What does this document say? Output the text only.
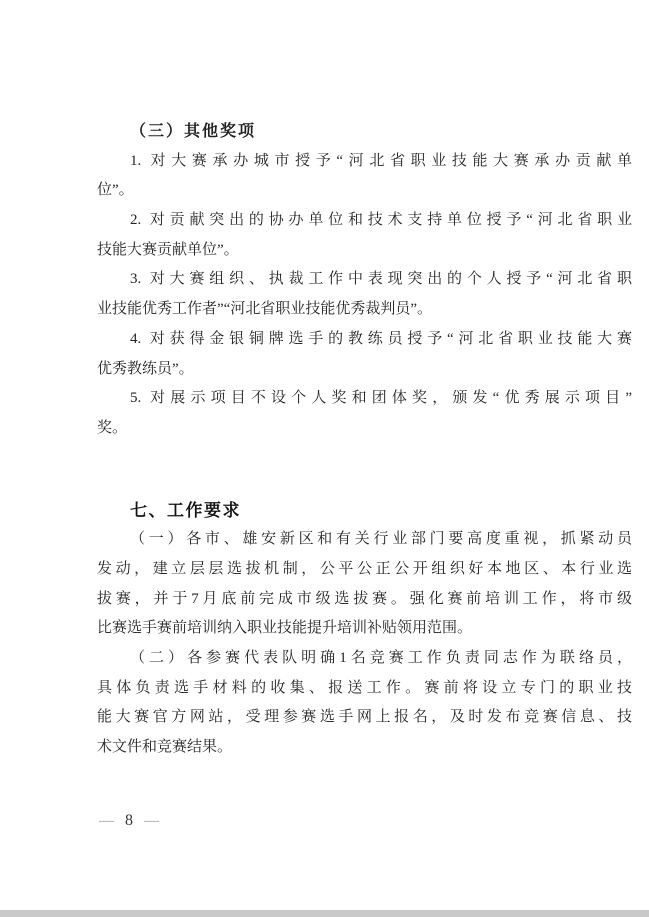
（三）其他奖项
1. 对大赛承办城市授予“河北省职业技能大赛承办贡献单
位”。
2. 对贡献突出的协办单位和技术支持单位授予“河北省职业
技能大赛贡献单位”。
3. 对大赛组织、执裁工作中表现突出的个人授予“河北省职
业技能优秀工作者”“河北省职业技能优秀裁判员”。
4. 对获得金银铜牌选手的教练员授予“河北省职业技能大赛
优秀教练员”。
5. 对展示项目不设个人奖和团体奖，颁发“优秀展示项目”
奖。
七、工作要求
（一）各市、雄安新区和有关行业部门要高度重视，抓紧动员
发动，建立层层选拔机制，公平公正公开组织好本地区、本行业选
拔赛，并于7月底前完成市级选拔赛。强化赛前培训工作，将市级
比赛选手赛前培训纳入职业技能提升培训补贴领用范围。
（二）各参赛代表队明确1名竞赛工作负责同志作为联络员，
具体负责选手材料的收集、报送工作。赛前将设立专门的职业技
能大赛官方网站，受理参赛选手网上报名，及时发布竞赛信息、技
术文件和竞赛结果。
— 8 —
